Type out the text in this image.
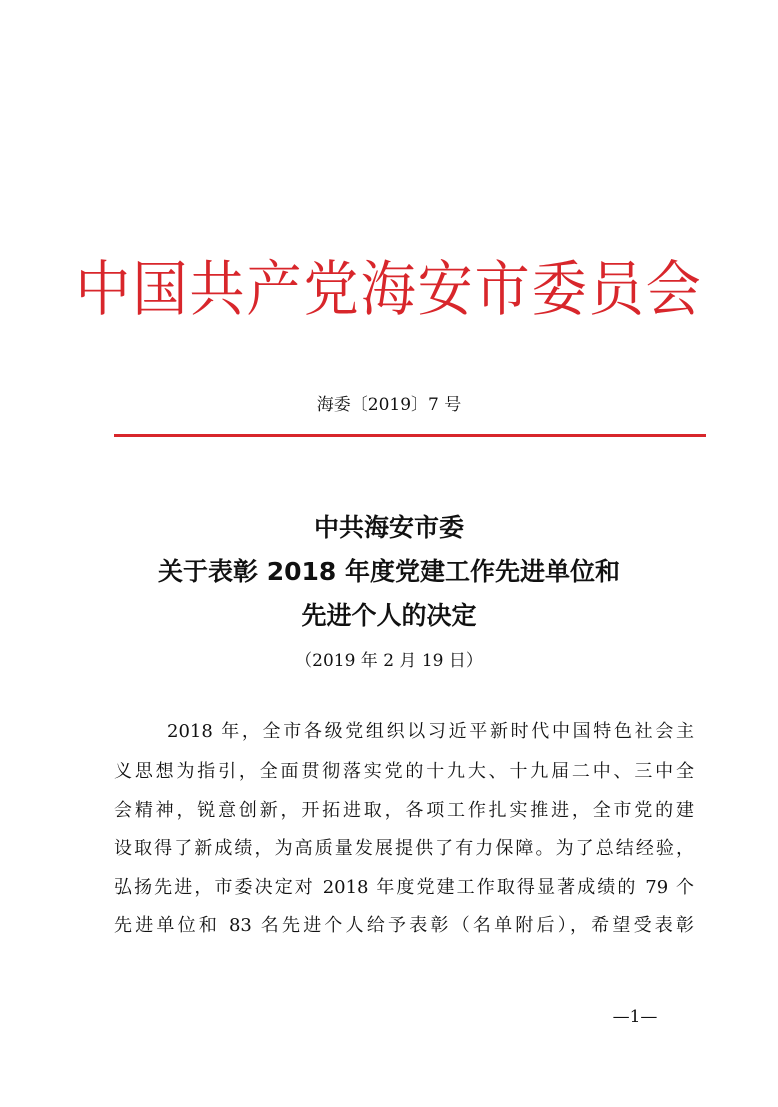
中国共产党海安市委员会
海委〔2019〕7 号
中共海安市委
关于表彰 2018 年度党建工作先进单位和
先进个人的决定
（2019 年 2 月 19 日）
2018 年，全市各级党组织以习近平新时代中国特色社会主
义思想为指引，全面贯彻落实党的十九大、十九届二中、三中全
会精神，锐意创新，开拓进取，各项工作扎实推进，全市党的建
设取得了新成绩，为高质量发展提供了有力保障。为了总结经验，
弘扬先进，市委决定对 2018 年度党建工作取得显著成绩的 79 个
先进单位和 83 名先进个人给予表彰（名单附后），希望受表彰
—1—
